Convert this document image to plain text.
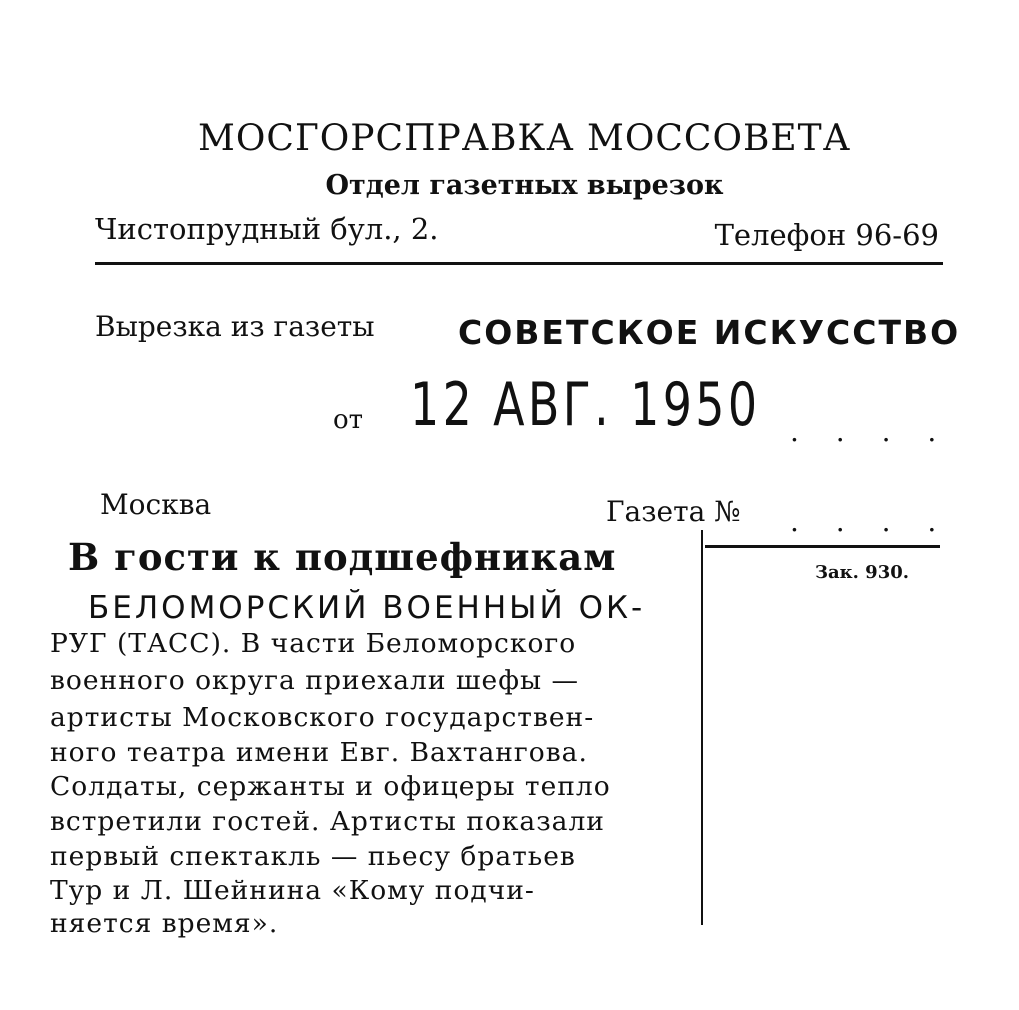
МОСГОРСПРАВКА МОССОВЕТА
Отдел газетных вырезок
Чистопрудный бул., 2.	Телефон 96-69
Вырезка из газеты	СОВЕТСКОЕ ИСКУССТВО
от 12 АВГ. 1950 . . . .
Москва	Газета № . . . .
Зак. 930.
В гости к подшефникам
БЕЛОМОРСКИЙ ВОЕННЫЙ ОК-
РУГ (ТАСС). В части Беломорского
военного округа приехали шефы —
артисты Московского государствен-
ного театра имени Евг. Вахтангова.
Солдаты, сержанты и офицеры тепло
встретили гостей. Артисты показали
первый спектакль — пьесу братьев
Тур и Л. Шейнина «Кому подчи-
няется время».
